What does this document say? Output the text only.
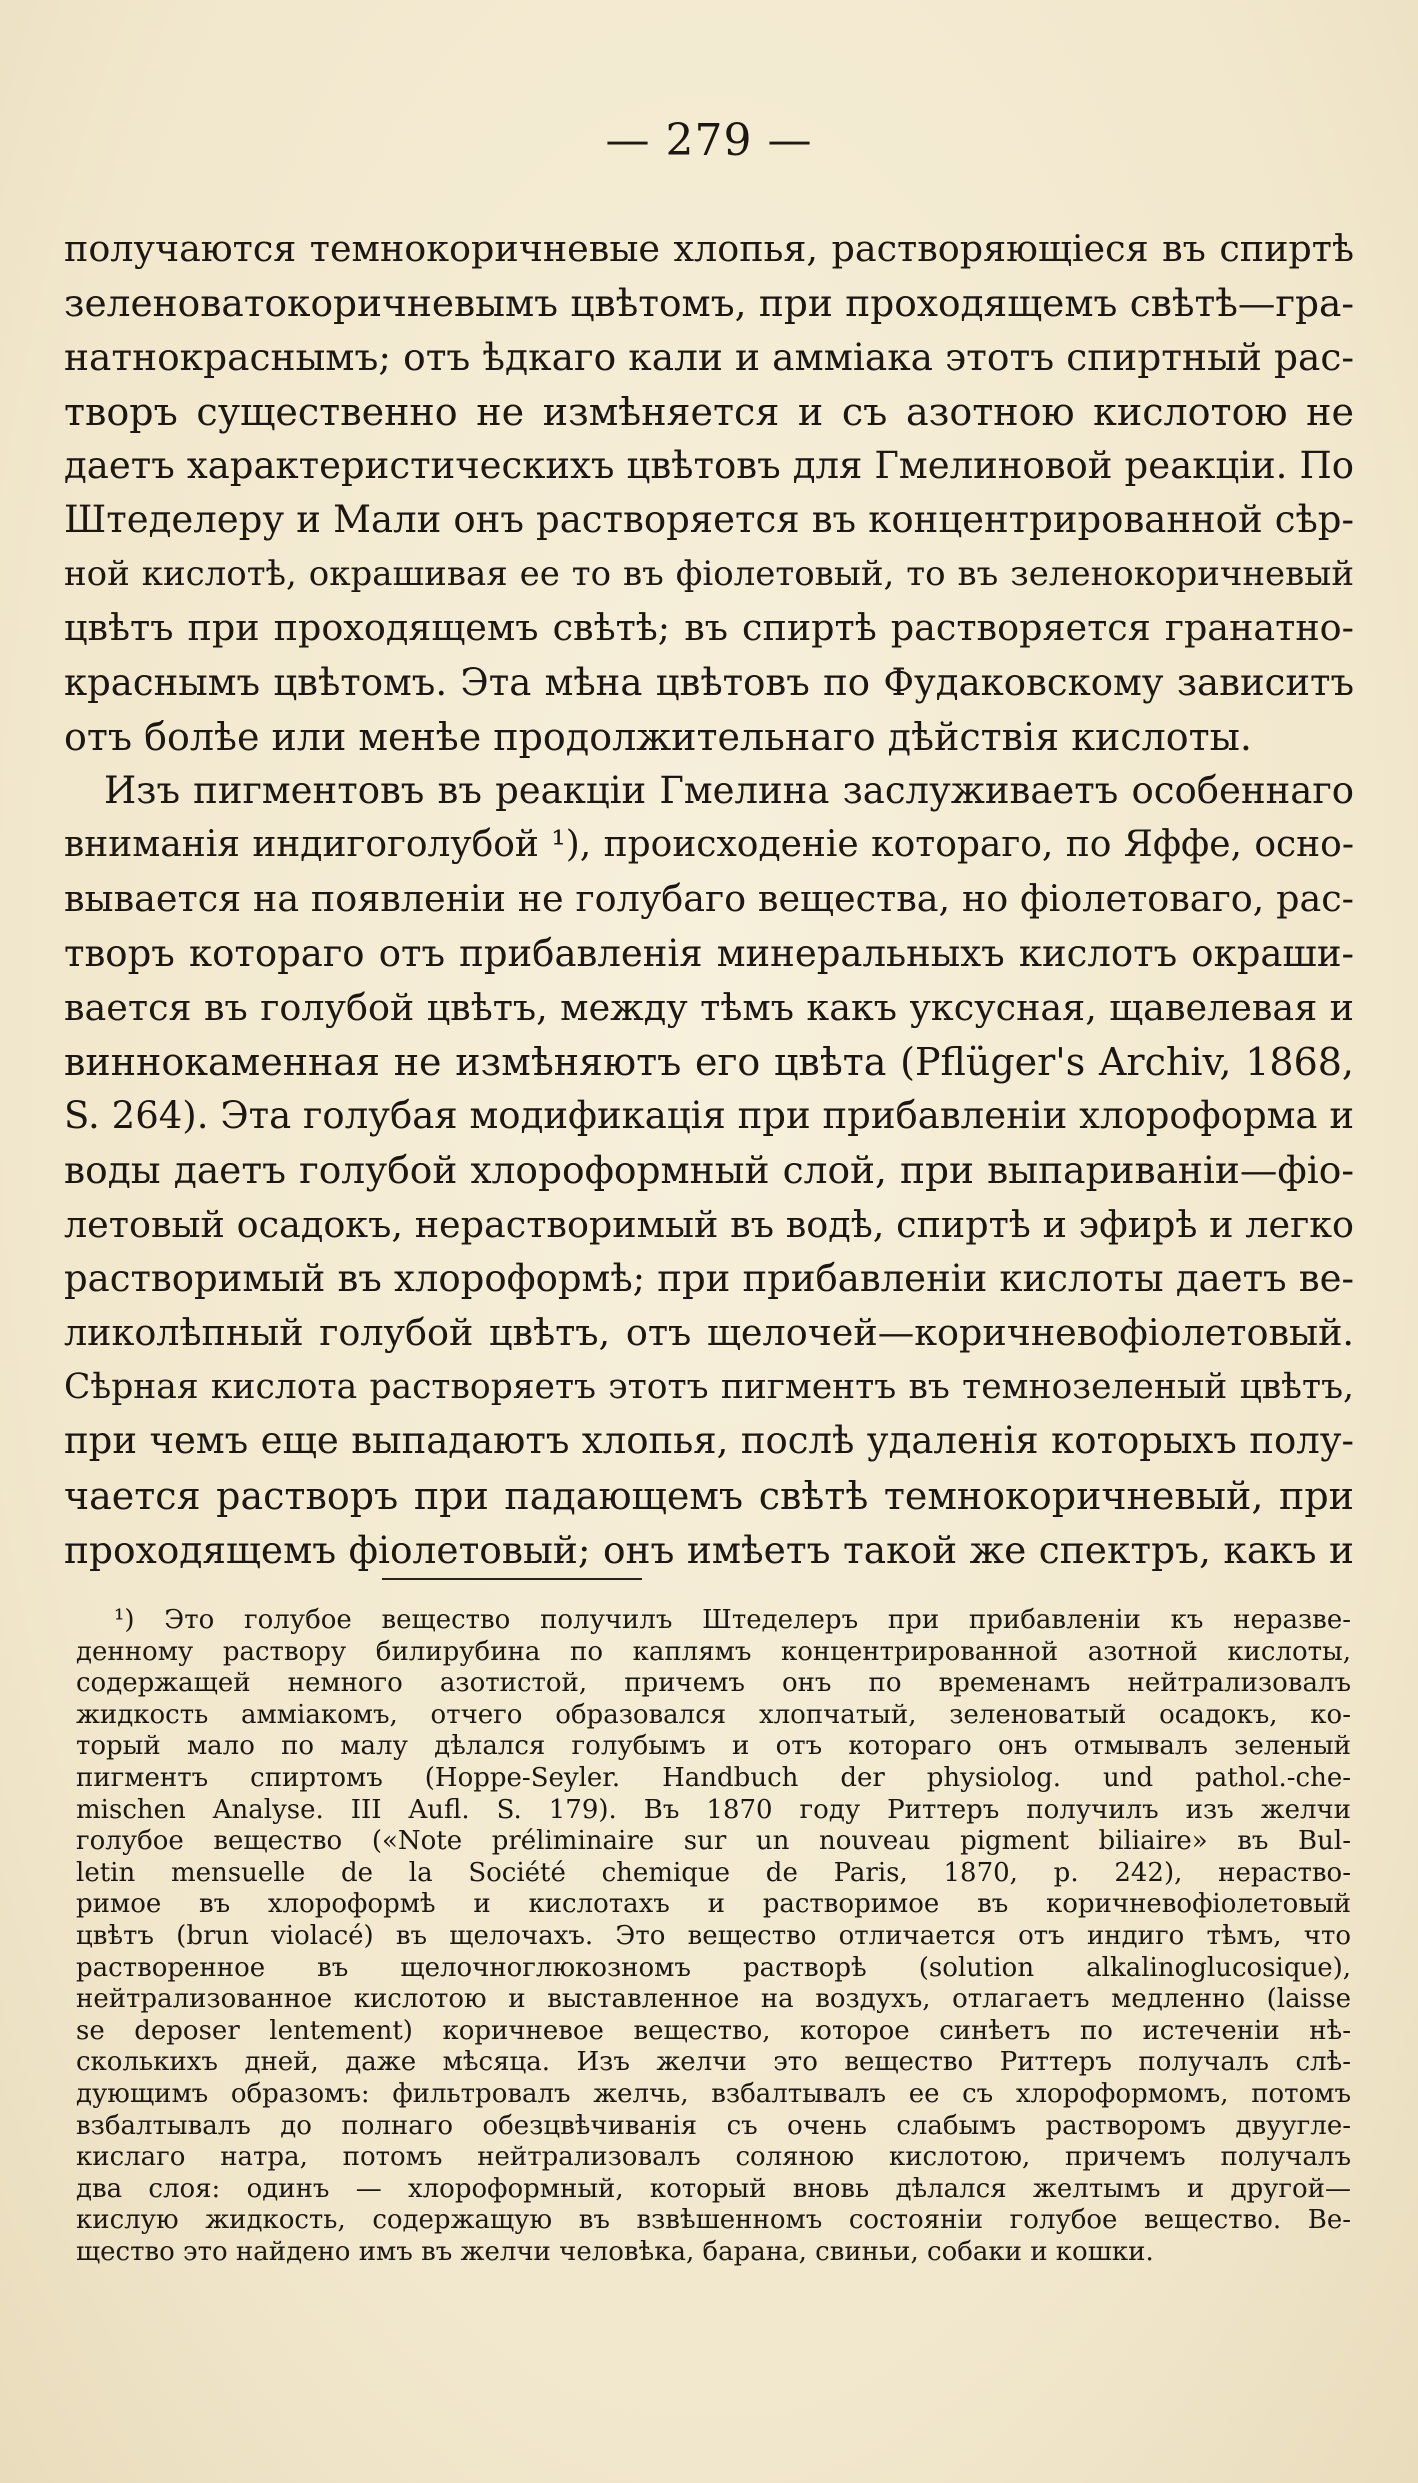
— 279 —
получаются темнокоричневые хлопья, растворяющіеся въ спиртѣ
зеленоватокоричневымъ цвѣтомъ, при проходящемъ свѣтѣ—гра-
натнокраснымъ; отъ ѣдкаго кали и амміака этотъ спиртный рас-
творъ существенно не измѣняется и съ азотною кислотою не
даетъ характеристическихъ цвѣтовъ для Гмелиновой реакціи. По
Штеделеру и Мали онъ растворяется въ концентрированной сѣр-
ной кислотѣ, окрашивая ее то въ фіолетовый, то въ зеленокоричневый
цвѣтъ при проходящемъ свѣтѣ; въ спиртѣ растворяется гранатно-
краснымъ цвѣтомъ. Эта мѣна цвѣтовъ по Фудаковскому зависитъ
отъ болѣе или менѣе продолжительнаго дѣйствія кислоты.
Изъ пигментовъ въ реакціи Гмелина заслуживаетъ особеннаго
вниманія индигоголубой ¹), происходеніе котораго, по Яффе, осно-
вывается на появленіи не голубаго вещества, но фіолетоваго, рас-
творъ котораго отъ прибавленія минеральныхъ кислотъ окраши-
вается въ голубой цвѣтъ, между тѣмъ какъ уксусная, щавелевая и
виннокаменная не измѣняютъ его цвѣта (Pflüger's Archiv, 1868,
S. 264). Эта голубая модификація при прибавленіи хлороформа и
воды даетъ голубой хлороформный слой, при выпариваніи—фіо-
летовый осадокъ, нерастворимый въ водѣ, спиртѣ и эфирѣ и легко
растворимый въ хлороформѣ; при прибавленіи кислоты даетъ ве-
ликолѣпный голубой цвѣтъ, отъ щелочей—коричневофіолетовый.
Сѣрная кислота растворяетъ этотъ пигментъ въ темнозеленый цвѣтъ,
при чемъ еще выпадаютъ хлопья, послѣ удаленія которыхъ полу-
чается растворъ при падающемъ свѣтѣ темнокоричневый, при
проходящемъ фіолетовый; онъ имѣетъ такой же спектръ, какъ и
¹) Это голубое вещество получилъ Штеделеръ при прибавленіи къ неразве-
денному раствору билирубина по каплямъ концентрированной азотной кислоты,
содержащей немного азотистой, причемъ онъ по временамъ нейтрализовалъ
жидкость амміакомъ, отчего образовался хлопчатый, зеленоватый осадокъ, ко-
торый мало по малу дѣлался голубымъ и отъ котораго онъ отмывалъ зеленый
пигментъ спиртомъ (Hoppe-Seyler. Handbuch der physiolog. und pathol.-che-
mischen Analyse. III Aufl. S. 179). Въ 1870 году Риттеръ получилъ изъ желчи
голубое вещество («Note préliminaire sur un nouveau pigment biliaire» въ Bul-
letin mensuelle de la Société chemique de Paris, 1870, p. 242), нераство-
римое въ хлороформѣ и кислотахъ и растворимое въ коричневофіолетовый
цвѣтъ (brun violacé) въ щелочахъ. Это вещество отличается отъ индиго тѣмъ, что
растворенное въ щелочноглюкозномъ растворѣ (solution alkalinoglucosique),
нейтрализованное кислотою и выставленное на воздухъ, отлагаетъ медленно (laisse
se deposer lentement) коричневое вещество, которое синѣетъ по истеченіи нѣ-
сколькихъ дней, даже мѣсяца. Изъ желчи это вещество Риттеръ получалъ слѣ-
дующимъ образомъ: фильтровалъ желчь, взбалтывалъ ее съ хлороформомъ, потомъ
взбалтывалъ до полнаго обезцвѣчиванія съ очень слабымъ растворомъ двуугле-
кислаго натра, потомъ нейтрализовалъ соляною кислотою, причемъ получалъ
два слоя: одинъ — хлороформный, который вновь дѣлался желтымъ и другой—
кислую жидкость, содержащую въ взвѣшенномъ состояніи голубое вещество. Ве-
щество это найдено имъ въ желчи человѣка, барана, свиньи, собаки и кошки.
